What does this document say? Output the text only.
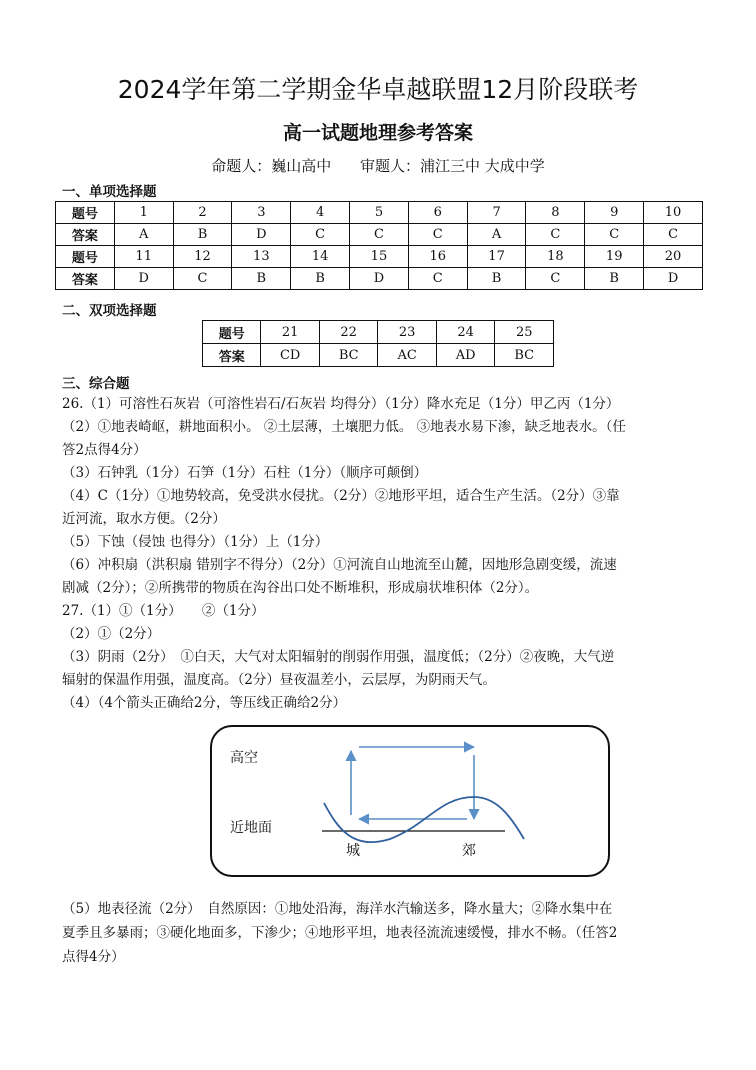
2024学年第二学期金华卓越联盟12月阶段联考
高一试题地理参考答案
命题人：巍山高中 审题人：浦江三中 大成中学
一、单项选择题
题号	1	2	3	4	5	6	7	8	9	10
答案	A	B	D	C	C	C	A	C	C	C
题号	11	12	13	14	15	16	17	18	19	20
答案	D	C	B	B	D	C	B	C	B	D
二、双项选择题
题号	21	22	23	24	25
答案	CD	BC	AC	AD	BC
三、综合题

26.（1）可溶性石灰岩（可溶性岩石/石灰岩 均得分）（1分）降水充足（1分）甲乙丙（1分）

（2）①地表崎岖，耕地面积小。 ②土层薄，土壤肥力低。 ③地表水易下渗，缺乏地表水。（任

答2点得4分）

（3）石钟乳（1分）石笋（1分）石柱（1分）（顺序可颠倒）

（4）C（1分）①地势较高，免受洪水侵扰。（2分）②地形平坦，适合生产生活。（2分）③靠

近河流，取水方便。（2分）

（5）下蚀（侵蚀 也得分）（1分）上（1分）

（6）冲积扇（洪积扇 错别字不得分）（2分）①河流自山地流至山麓，因地形急剧变缓，流速

剧减（2分）；②所携带的物质在沟谷出口处不断堆积，形成扇状堆积体（2分）。

27.（1）①（1分）　　②（1分）

（2）①（2分）

（3）阴雨（2分）　①白天，大气对太阳辐射的削弱作用强，温度低；（2分）②夜晚，大气逆

辐射的保温作用强，温度高。（2分）昼夜温差小，云层厚，为阴雨天气。

（4）（4个箭头正确给2分，等压线正确给2分）

高空
近地面
城	郊

（5）地表径流（2分）　自然原因：①地处沿海，海洋水汽输送多，降水量大；②降水集中在

夏季且多暴雨；③硬化地面多，下渗少；④地形平坦，地表径流流速缓慢，排水不畅。（任答2

点得4分）
